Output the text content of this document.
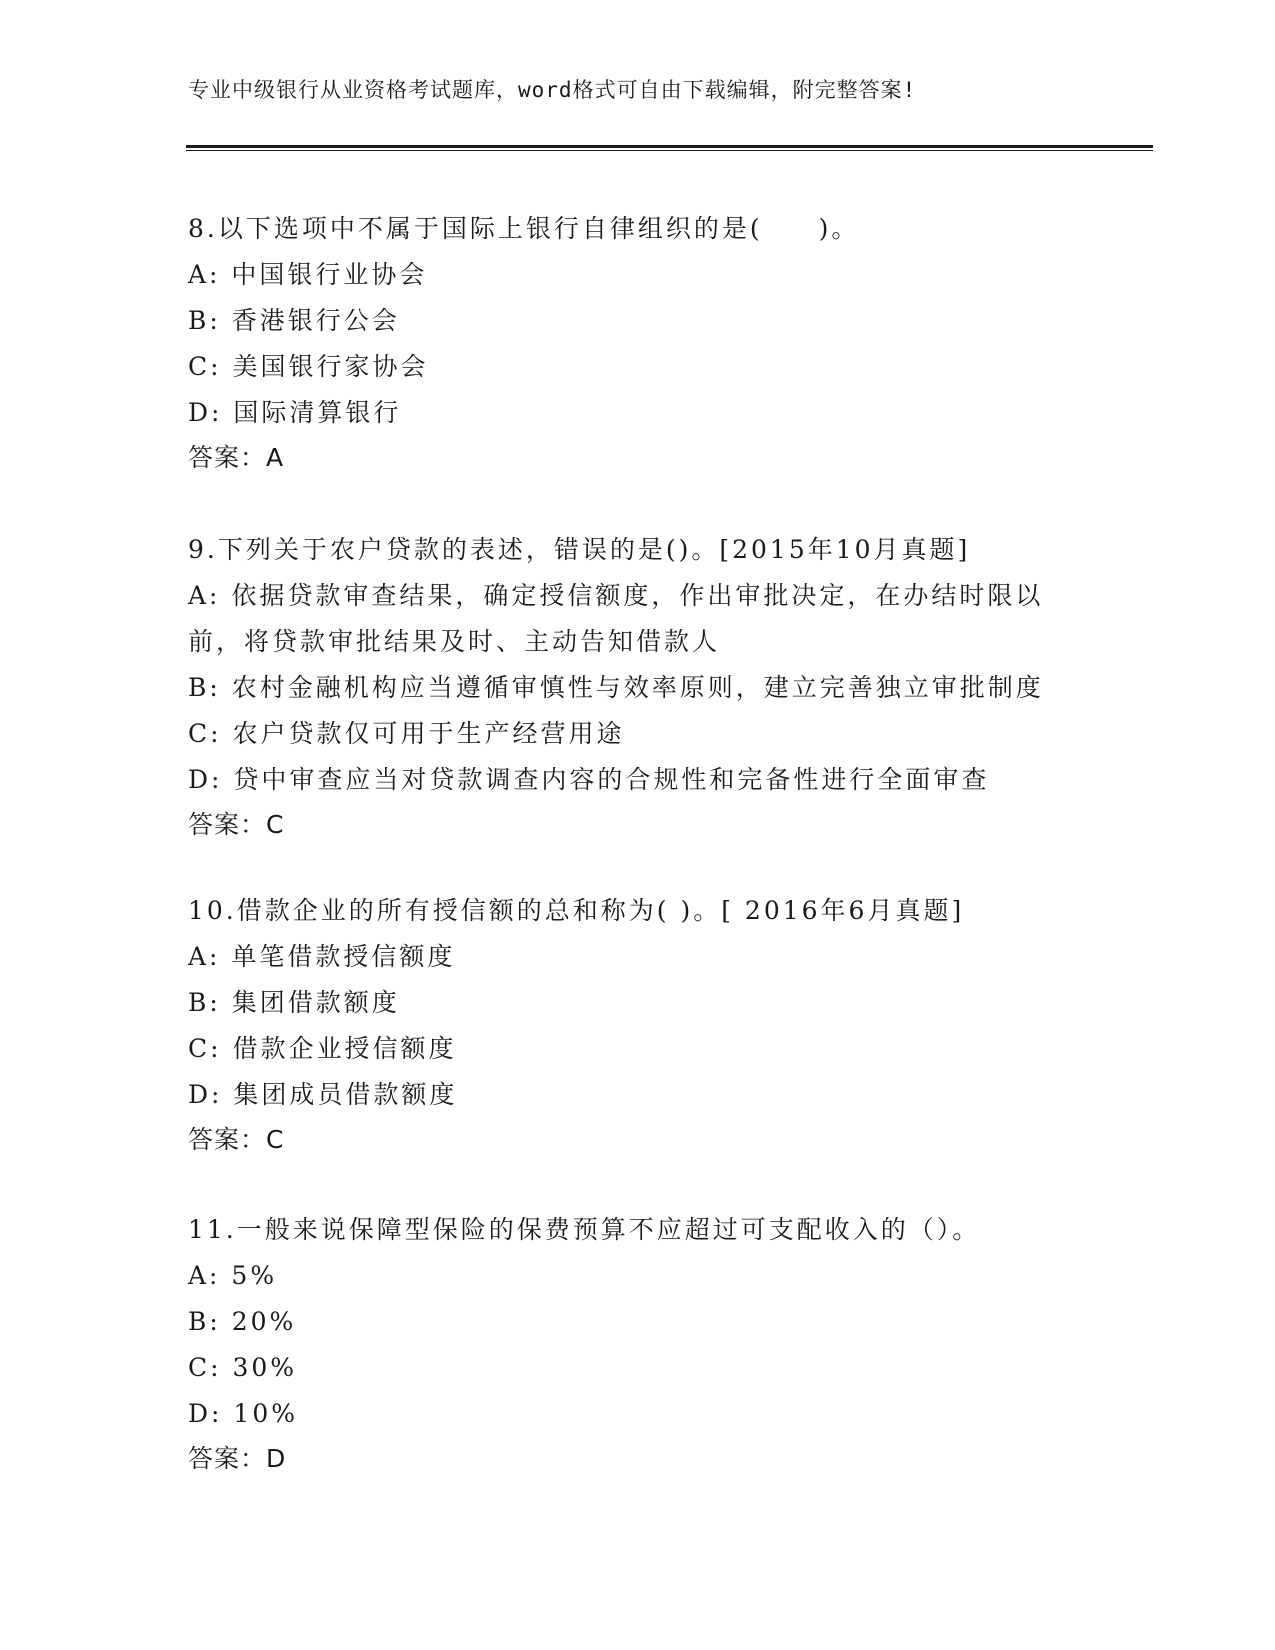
专业中级银行从业资格考试题库，word格式可自由下载编辑，附完整答案!
8.以下选项中不属于国际上银行自律组织的是(　　)。
A: 中国银行业协会
B: 香港银行公会
C: 美国银行家协会
D: 国际清算银行
答案：A
9.下列关于农户贷款的表述，错误的是()。[2015年10月真题]
A: 依据贷款审查结果，确定授信额度，作出审批决定，在办结时限以前，将贷款审批结果及时、主动告知借款人
B: 农村金融机构应当遵循审慎性与效率原则，建立完善独立审批制度
C: 农户贷款仅可用于生产经营用途
D: 贷中审查应当对贷款调查内容的合规性和完备性进行全面审查
答案：C
10.借款企业的所有授信额的总和称为( )。[ 2016年6月真题]
A: 单笔借款授信额度
B: 集团借款额度
C: 借款企业授信额度
D: 集团成员借款额度
答案：C
11.一般来说保障型保险的保费预算不应超过可支配收入的（）。
A: 5%
B: 20%
C: 30%
D: 10%
答案：D
